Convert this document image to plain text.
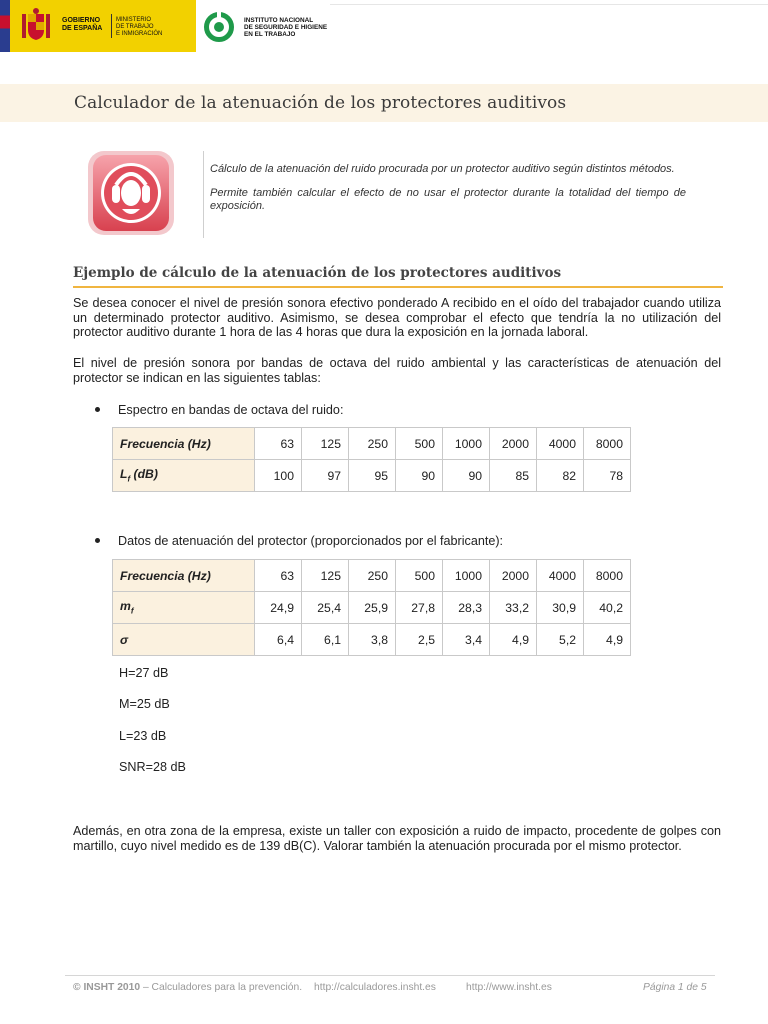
GOBIERNO
DE ESPAÑA
MINISTERIO
DE TRABAJO
E INMIGRACIÓN
INSTITUTO NACIONAL
DE SEGURIDAD E HIGIENE
EN EL TRABAJO
Calculador de la atenuación de los protectores auditivos

Cálculo de la atenuación del ruido procurada por un protector auditivo según distintos métodos.

Permite también calcular el efecto de no usar el protector durante la totalidad del tiempo de exposición.

Ejemplo de cálculo de la atenuación de los protectores auditivos

Se desea conocer el nivel de presión sonora efectivo ponderado A recibido en el oído del trabajador cuando utiliza un determinado protector auditivo. Asimismo, se desea comprobar el efecto que tendría la no utilización del protector auditivo durante 1 hora de las 4 horas que dura la exposición en la jornada laboral.

El nivel de presión sonora por bandas de octava del ruido ambiental y las características de atenuación del protector se indican en las siguientes tablas:

Espectro en bandas de octava del ruido:
Frecuencia (Hz)	63	125	250	500	1000	2000	4000	8000
$L_f$ (dB)	100	97	95	90	90	85	82	78
Datos de atenuación del protector (proporcionados por el fabricante):
Frecuencia (Hz)	63	125	250	500	1000	2000	4000	8000
$m_f$	24,9	25,4	25,9	27,8	28,3	33,2	30,9	40,2
σ	6,4	6,1	3,8	2,5	3,4	4,9	5,2	4,9
H=27 dB
M=25 dB
L=23 dB
SNR=28 dB

Además, en otra zona de la empresa, existe un taller con exposición a ruido de impacto, procedente de golpes con martillo, cuyo nivel medido es de 139 dB(C). Valorar también la atenuación procurada por el mismo protector.

© INSHT 2010 – Calculadores para la prevención. http://calculadores.insht.es	http://www.insht.es	Página 1 de 5
